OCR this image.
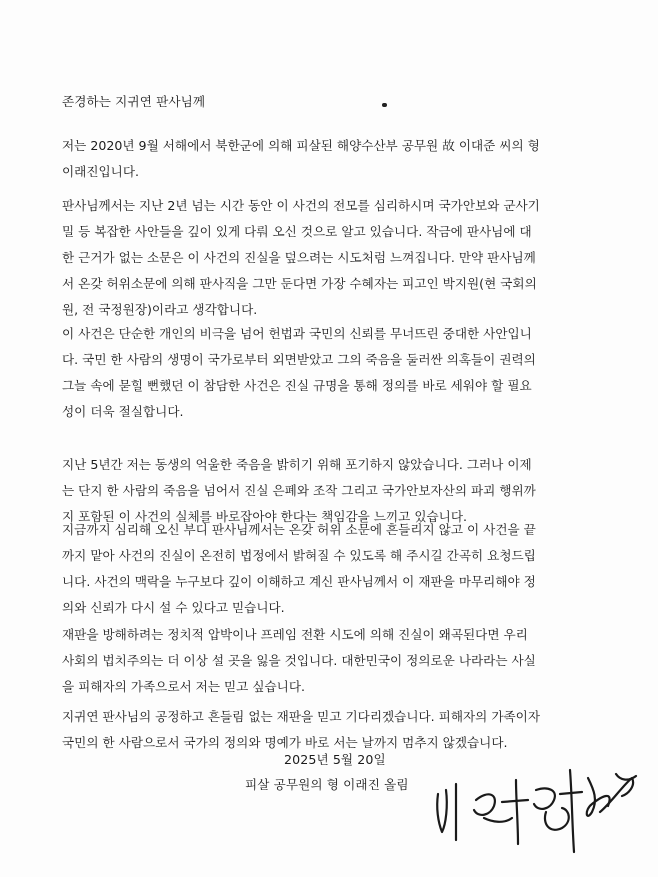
존경하는 지귀연 판사님께
저는 2020년 9월 서해에서 북한군에 의해 피살된 해양수산부 공무원 故 이대준 씨의 형
이래진입니다.
판사님께서는 지난 2년 넘는 시간 동안 이 사건의 전모를 심리하시며 국가안보와 군사기
밀 등 복잡한 사안들을 깊이 있게 다뤄 오신 것으로 알고 있습니다. 작금에 판사님에 대
한 근거가 없는 소문은 이 사건의 진실을 덮으려는 시도처럼 느껴집니다. 만약 판사님께
서 온갖 허위소문에 의해 판사직을 그만 둔다면 가장 수혜자는 피고인 박지원(현 국회의
원, 전 국정원장)이라고 생각합니다.
이 사건은 단순한 개인의 비극을 넘어 헌법과 국민의 신뢰를 무너뜨린 중대한 사안입니
다. 국민 한 사람의 생명이 국가로부터 외면받았고 그의 죽음을 둘러싼 의혹들이 권력의
그늘 속에 묻힐 뻔했던 이 참담한 사건은 진실 규명을 통해 정의를 바로 세워야 할 필요
성이 더욱 절실합니다.
지난 5년간 저는 동생의 억울한 죽음을 밝히기 위해 포기하지 않았습니다. 그러나 이제
는 단지 한 사람의 죽음을 넘어서 진실 은폐와 조작 그리고 국가안보자산의 파괴 행위까
지 포함된 이 사건의 실체를 바로잡아야 한다는 책임감을 느끼고 있습니다.
지금까지 심리해 오신 부디 판사님께서는 온갖 허위 소문에 흔들리지 않고 이 사건을 끝
까지 맡아 사건의 진실이 온전히 법정에서 밝혀질 수 있도록 해 주시길 간곡히 요청드립
니다. 사건의 맥락을 누구보다 깊이 이해하고 계신 판사님께서 이 재판을 마무리해야 정
의와 신뢰가 다시 설 수 있다고 믿습니다.
재판을 방해하려는 정치적 압박이나 프레임 전환 시도에 의해 진실이 왜곡된다면 우리
사회의 법치주의는 더 이상 설 곳을 잃을 것입니다. 대한민국이 정의로운 나라라는 사실
을 피해자의 가족으로서 저는 믿고 싶습니다.
지귀연 판사님의 공정하고 흔들림 없는 재판을 믿고 기다리겠습니다. 피해자의 가족이자
국민의 한 사람으로서 국가의 정의와 명예가 바로 서는 날까지 멈추지 않겠습니다.
2025년 5월 20일
피살 공무원의 형 이래진 올림
